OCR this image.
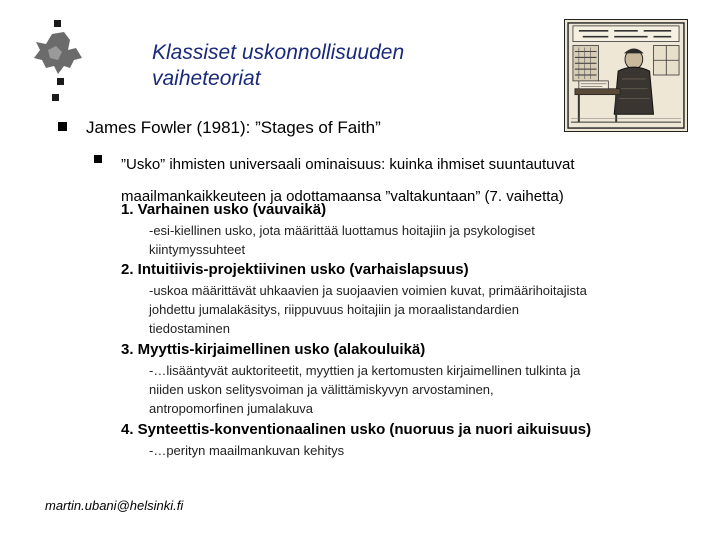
Klassiset uskonnollisuuden
vaiheteoriat
James Fowler (1981): ”Stages of Faith”
”Usko” ihmisten universaali ominaisuus: kuinka ihmiset suuntautuvat maailmankaikkeuteen ja odottamaansa ”valtakuntaan” (7. vaihetta)
1. Varhainen usko (vauvaikä)
-esi-kiellinen usko, jota määrittää luottamus hoitajiin ja psykologiset
kiintymyssuhteet
2. Intuitiivis-projektiivinen usko (varhaislapsuus)
-uskoa määrittävät uhkaavien ja suojaavien voimien kuvat, primäärihoitajista
johdettu jumalakäsitys, riippuvuus hoitajiin ja moraalistandardien
tiedostaminen
3. Myyttis-kirjaimellinen usko (alakouluikä)
-…lisääntyvät auktoriteetit, myyttien ja kertomusten kirjaimellinen tulkinta ja
niiden uskon selitysvoiman ja välittämiskyvyn arvostaminen,
antropomorfinen jumalakuva
4. Synteettis-konventionaalinen usko (nuoruus ja nuori aikuisuus)
-…perityn maailmankuvan kehitys
martin.ubani@helsinki.fi
